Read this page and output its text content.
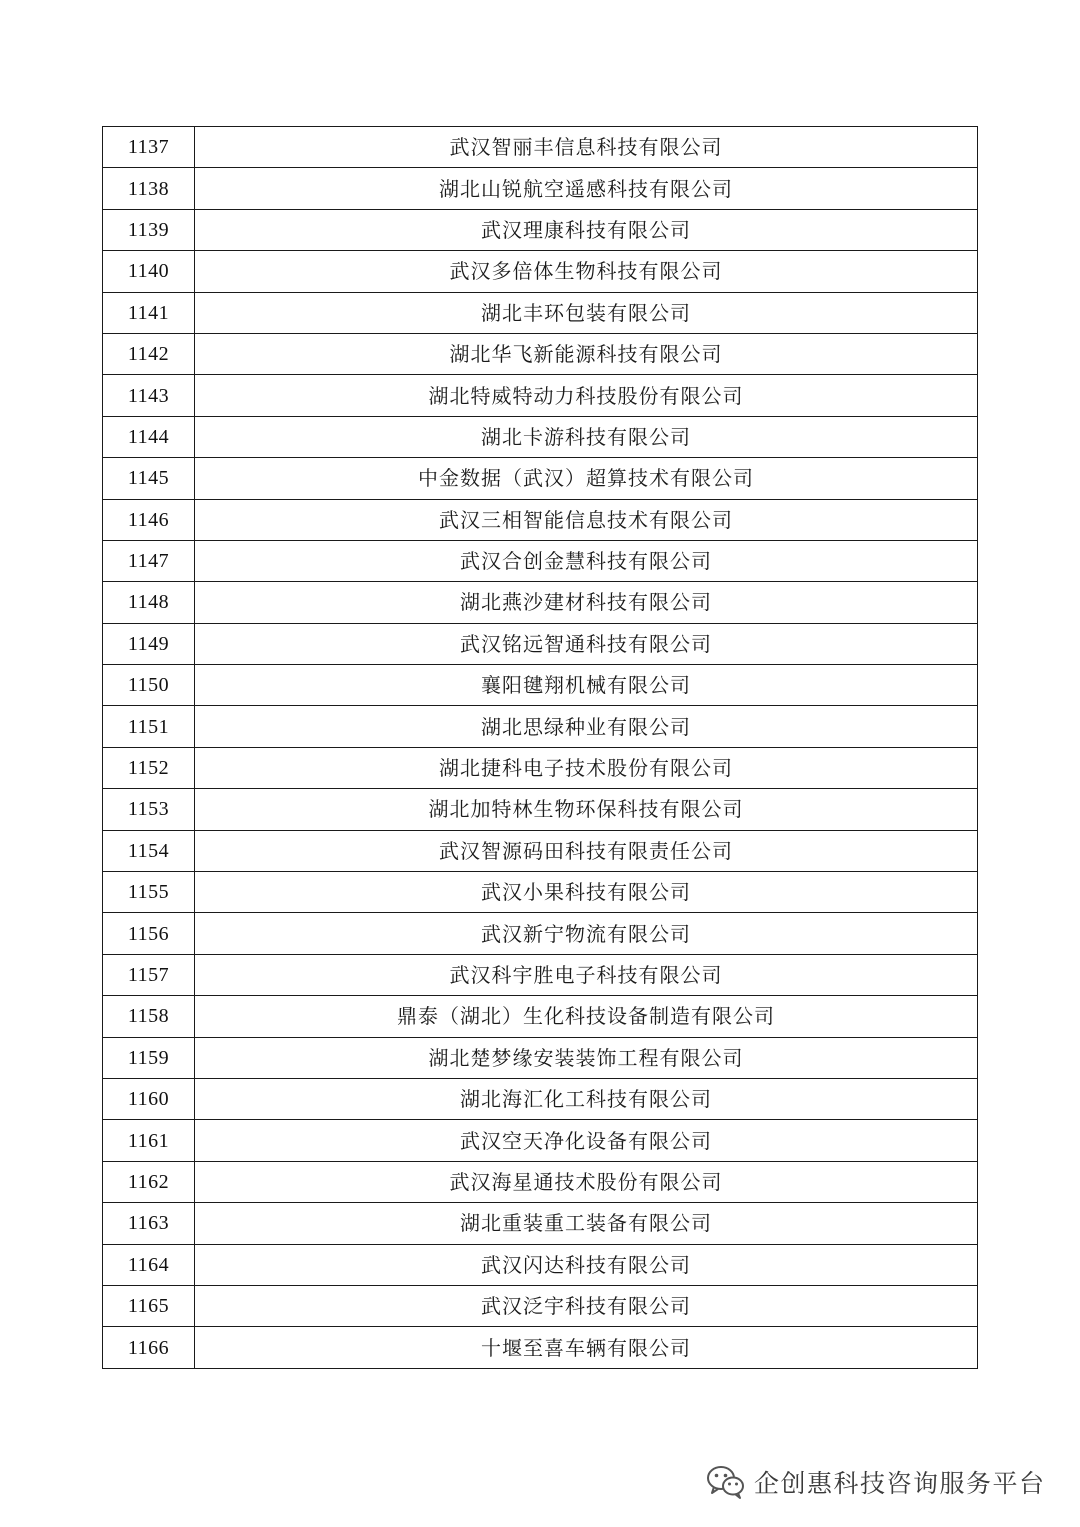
1137	武汉智丽丰信息科技有限公司
1138	湖北山锐航空遥感科技有限公司
1139	武汉理康科技有限公司
1140	武汉多倍体生物科技有限公司
1141	湖北丰环包装有限公司
1142	湖北华飞新能源科技有限公司
1143	湖北特威特动力科技股份有限公司
1144	湖北卡游科技有限公司
1145	中金数据（武汉）超算技术有限公司
1146	武汉三相智能信息技术有限公司
1147	武汉合创金慧科技有限公司
1148	湖北燕沙建材科技有限公司
1149	武汉铭远智通科技有限公司
1150	襄阳毽翔机械有限公司
1151	湖北思绿种业有限公司
1152	湖北捷科电子技术股份有限公司
1153	湖北加特林生物环保科技有限公司
1154	武汉智源码田科技有限责任公司
1155	武汉小果科技有限公司
1156	武汉新宁物流有限公司
1157	武汉科宇胜电子科技有限公司
1158	鼎泰（湖北）生化科技设备制造有限公司
1159	湖北楚梦缘安装装饰工程有限公司
1160	湖北海汇化工科技有限公司
1161	武汉空天净化设备有限公司
1162	武汉海星通技术股份有限公司
1163	湖北重装重工装备有限公司
1164	武汉闪达科技有限公司
1165	武汉泛宇科技有限公司
1166	十堰至喜车辆有限公司
企创惠科技咨询服务平台
